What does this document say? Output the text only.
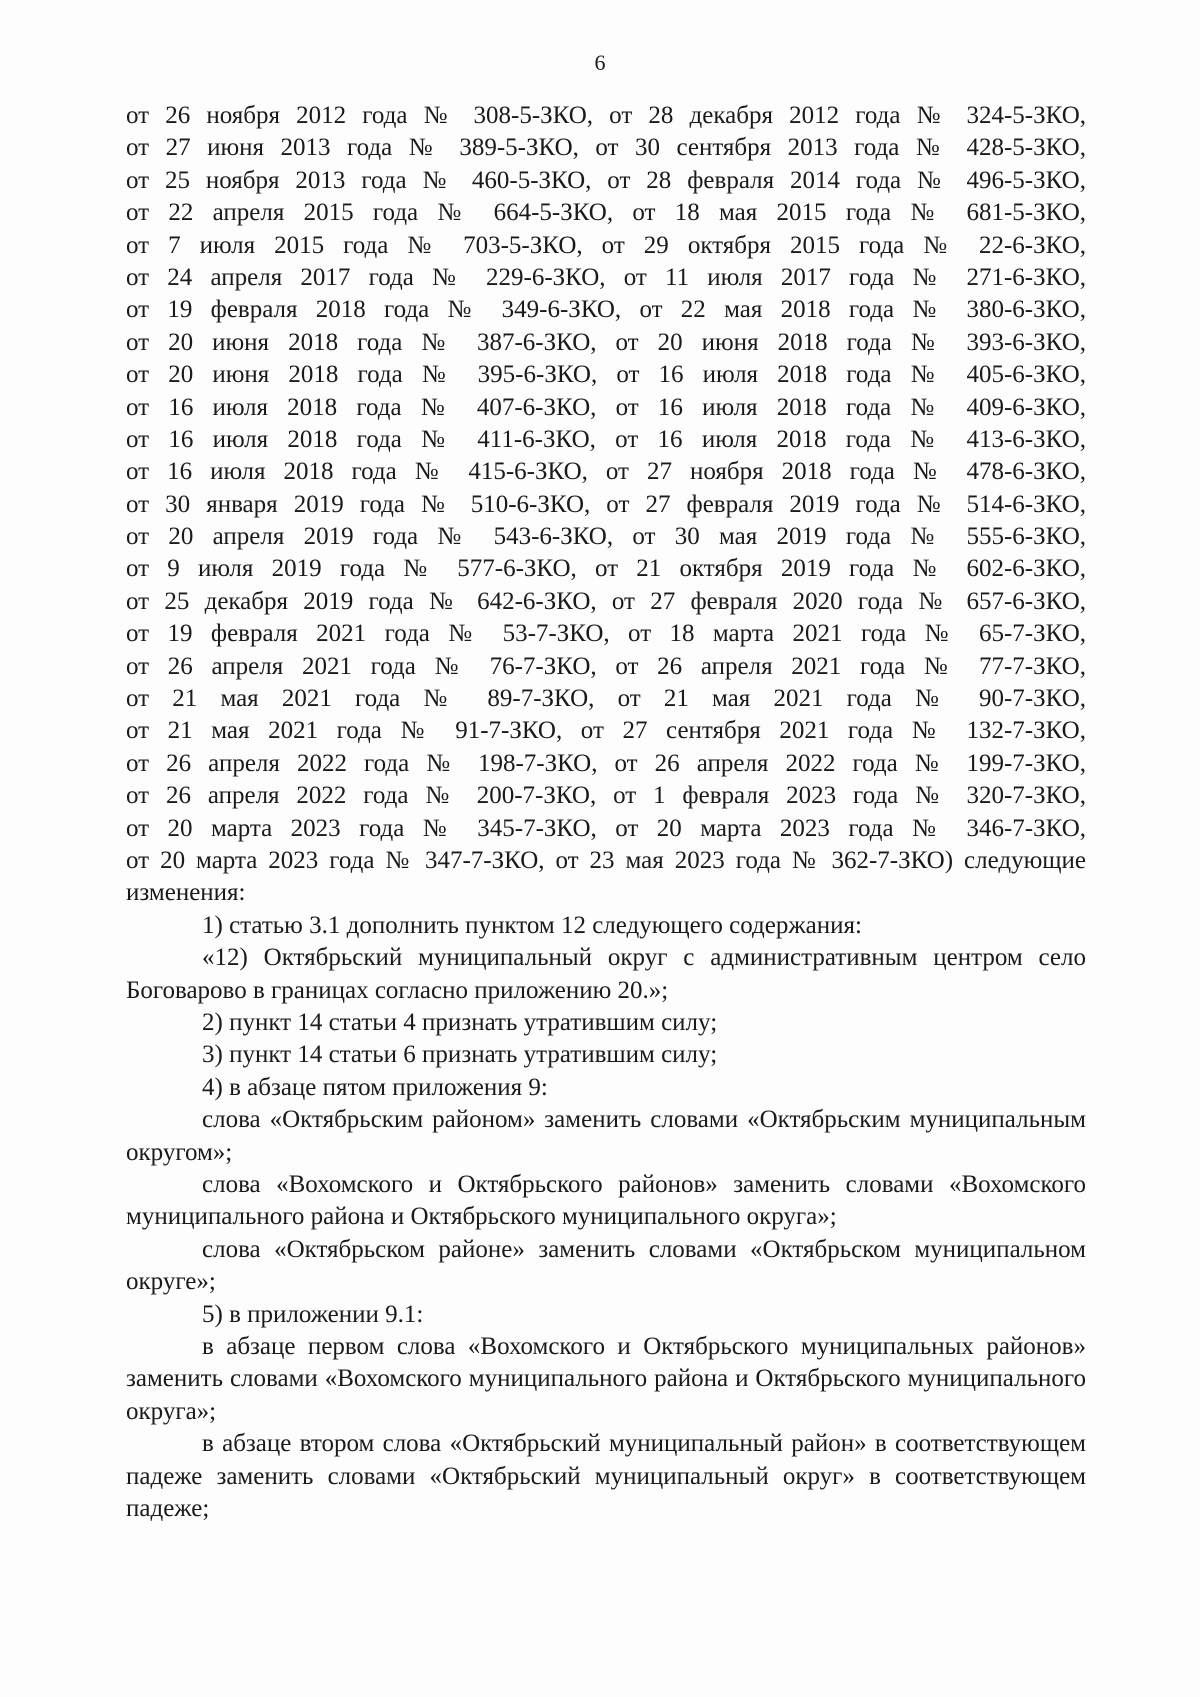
6
от 26 ноября 2012 года № 308-5-ЗКО, от 28 декабря 2012 года № 324-5-ЗКО,
от 27 июня 2013 года № 389-5-ЗКО, от 30 сентября 2013 года № 428-5-ЗКО,
от 25 ноября 2013 года № 460-5-ЗКО, от 28 февраля 2014 года № 496-5-ЗКО,
от 22 апреля 2015 года № 664-5-ЗКО, от 18 мая 2015 года № 681-5-ЗКО,
от 7 июля 2015 года № 703-5-ЗКО, от 29 октября 2015 года № 22-6-ЗКО,
от 24 апреля 2017 года № 229-6-ЗКО, от 11 июля 2017 года № 271-6-ЗКО,
от 19 февраля 2018 года № 349-6-ЗКО, от 22 мая 2018 года № 380-6-ЗКО,
от 20 июня 2018 года № 387-6-ЗКО, от 20 июня 2018 года № 393-6-ЗКО,
от 20 июня 2018 года № 395-6-ЗКО, от 16 июля 2018 года № 405-6-ЗКО,
от 16 июля 2018 года № 407-6-ЗКО, от 16 июля 2018 года № 409-6-ЗКО,
от 16 июля 2018 года № 411-6-ЗКО, от 16 июля 2018 года № 413-6-ЗКО,
от 16 июля 2018 года № 415-6-ЗКО, от 27 ноября 2018 года № 478-6-ЗКО,
от 30 января 2019 года № 510-6-ЗКО, от 27 февраля 2019 года № 514-6-ЗКО,
от 20 апреля 2019 года № 543-6-ЗКО, от 30 мая 2019 года № 555-6-ЗКО,
от 9 июля 2019 года № 577-6-ЗКО, от 21 октября 2019 года № 602-6-ЗКО,
от 25 декабря 2019 года № 642-6-ЗКО, от 27 февраля 2020 года № 657-6-ЗКО,
от 19 февраля 2021 года № 53-7-ЗКО, от 18 марта 2021 года № 65-7-ЗКО,
от 26 апреля 2021 года № 76-7-ЗКО, от 26 апреля 2021 года № 77-7-ЗКО,
от 21 мая 2021 года № 89-7-ЗКО, от 21 мая 2021 года № 90-7-ЗКО,
от 21 мая 2021 года № 91-7-ЗКО, от 27 сентября 2021 года № 132-7-ЗКО,
от 26 апреля 2022 года № 198-7-ЗКО, от 26 апреля 2022 года № 199-7-ЗКО,
от 26 апреля 2022 года № 200-7-ЗКО, от 1 февраля 2023 года № 320-7-ЗКО,
от 20 марта 2023 года № 345-7-ЗКО, от 20 марта 2023 года № 346-7-ЗКО,

от 20 марта 2023 года № 347-7-ЗКО, от 23 мая 2023 года № 362-7-ЗКО) следующие изменения:

1) статью 3.1 дополнить пунктом 12 следующего содержания:

«12) Октябрьский муниципальный округ с административным центром село Боговарово в границах согласно приложению 20.»;

2) пункт 14 статьи 4 признать утратившим силу;

3) пункт 14 статьи 6 признать утратившим силу;

4) в абзаце пятом приложения 9:

слова «Октябрьским районом» заменить словами «Октябрьским муниципальным округом»;

слова «Вохомского и Октябрьского районов» заменить словами «Вохомского муниципального района и Октябрьского муниципального округа»;

слова «Октябрьском районе» заменить словами «Октябрьском муниципальном округе»;

5) в приложении 9.1:

в абзаце первом слова «Вохомского и Октябрьского муниципальных районов» заменить словами «Вохомского муниципального района и Октябрьского муниципального округа»;

в абзаце втором слова «Октябрьский муниципальный район» в соответствующем падеже заменить словами «Октябрьский муниципальный округ» в соответствующем падеже;
